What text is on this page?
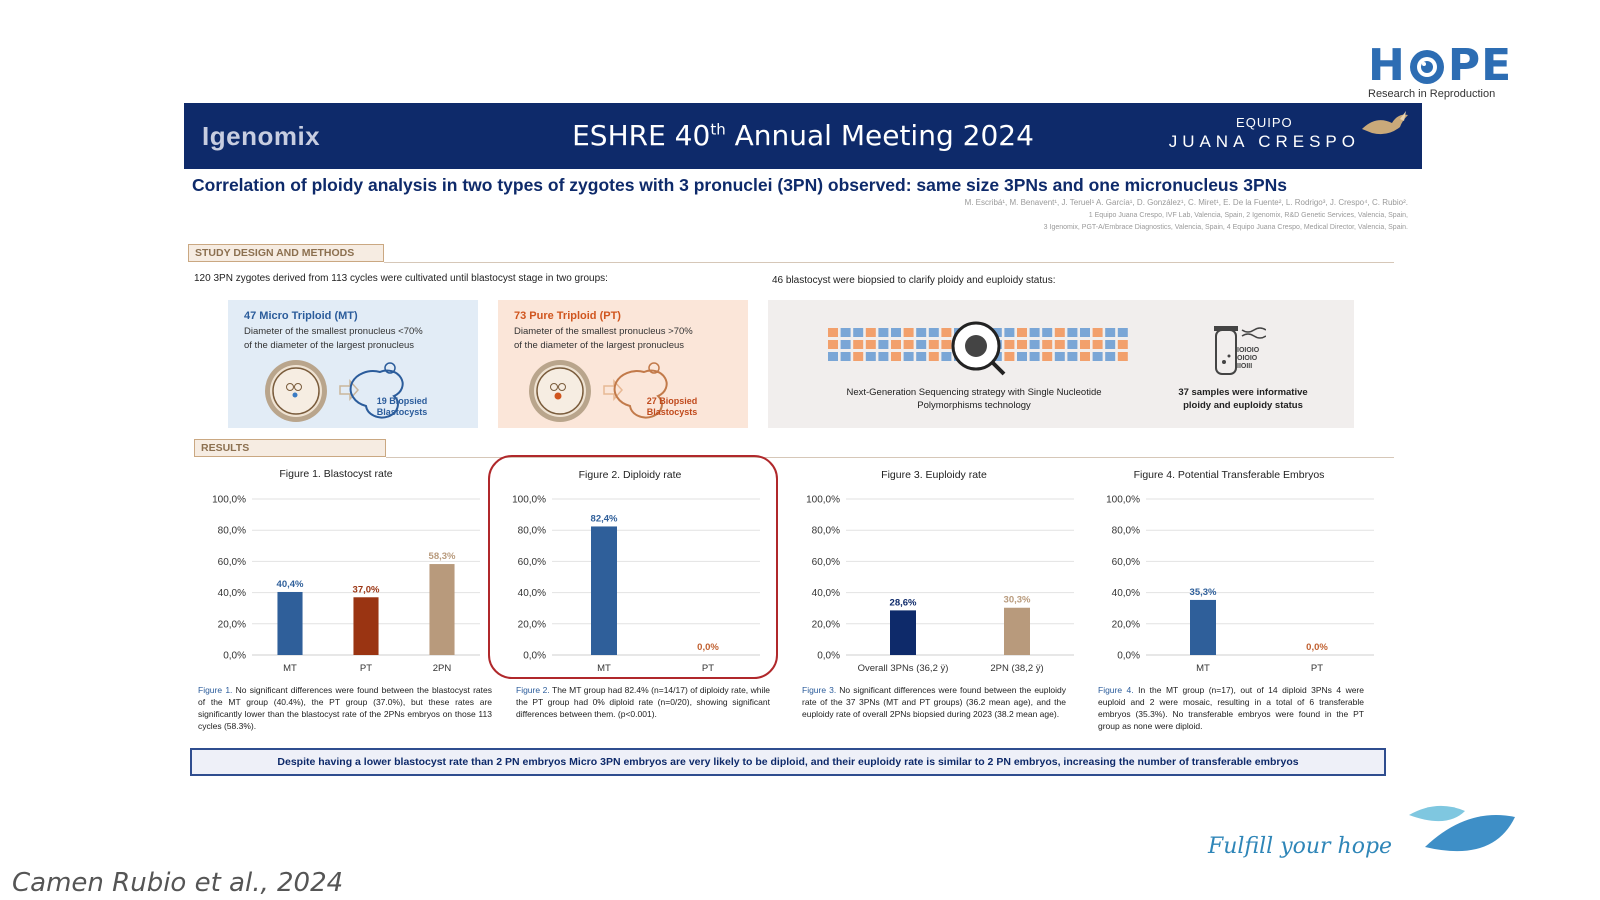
H PE
Research in Reproduction
Igenomix	ESHRE 40th Annual Meeting 2024	EQUIPO
JUANA CRESPO
Correlation of ploidy analysis in two types of zygotes with 3 pronuclei (3PN) observed: same size 3PNs and one micronucleus 3PNs
M. Escribá¹, M. Benavent¹, J. Teruel¹ A. García¹, D. González¹, C. Miret¹, E. De la Fuente², L. Rodrigo³, J. Crespo⁴, C. Rubio².
1 Equipo Juana Crespo, IVF Lab, Valencia, Spain, 2 Igenomix, R&D Genetic Services, Valencia, Spain,
3 Igenomix, PGT-A/Embrace Diagnostics, Valencia, Spain, 4 Equipo Juana Crespo, Medical Director, Valencia, Spain.
STUDY DESIGN AND METHODS
120 3PN zygotes derived from 113 cycles were cultivated until blastocyst stage in two groups:	46 blastocyst were biopsied to clarify ploidy and euploidy status:
47 Micro Triploid (MT)
Diameter of the smallest pronucleus <70%
of the diameter of the largest pronucleus
19 Biopsied
Blastocysts
73 Pure Triploid (PT)
Diameter of the smallest pronucleus >70%
of the diameter of the largest pronucleus
27 Biopsied
Blastocysts
Next-Generation Sequencing strategy with Single Nucleotide
Polymorphisms technology
IOIOIO
OIOIO
IIOIII
37 samples were informative
ploidy and euploidy status
RESULTS
Figure 1. Blastocyst rate
0,0%
20,0%
40,0%
60,0%
80,0%
100,0%
40,4%
MT
37,0%
PT
58,3%
2PN
Figure 2. Diploidy rate
0,0%
20,0%
40,0%
60,0%
80,0%
100,0%
82,4%
MT
0,0%
PT
Figure 3. Euploidy rate
0,0%
20,0%
40,0%
60,0%
80,0%
100,0%
28,6%
Overall 3PNs (36,2 ÿ)
30,3%
2PN (38,2 ÿ)
Figure 4. Potential Transferable Embryos
0,0%
20,0%
40,0%
60,0%
80,0%
100,0%
35,3%
MT
0,0%
PT
Figure 1. No significant differences were found between the blastocyst rates of the MT group (40.4%), the PT group (37.0%), but these rates are significantly lower than the blastocyst rate of the 2PNs embryos on those 113 cycles (58.3%).
Figure 2. The MT group had 82.4% (n=14/17) of diploidy rate, while the PT group had 0% diploid rate (n=0/20), showing significant differences between them. (p<0.001).
Figure 3. No significant differences were found between the euploidy rate of the 37 3PNs (MT and PT groups) (36.2 mean age), and the euploidy rate of overall 2PNs biopsied during 2023 (38.2 mean age).
Figure 4. In the MT group (n=17), out of 14 diploid 3PNs 4 were euploid and 2 were mosaic, resulting in a total of 6 transferable embryos (35.3%). No transferable embryos were found in the PT group as none were diploid.
Despite having a lower blastocyst rate than 2 PN embryos Micro 3PN embryos are very likely to be diploid, and their euploidy rate is similar to 2 PN embryos, increasing the number of transferable embryos
Fulfill your hope
Camen Rubio et al., 2024
